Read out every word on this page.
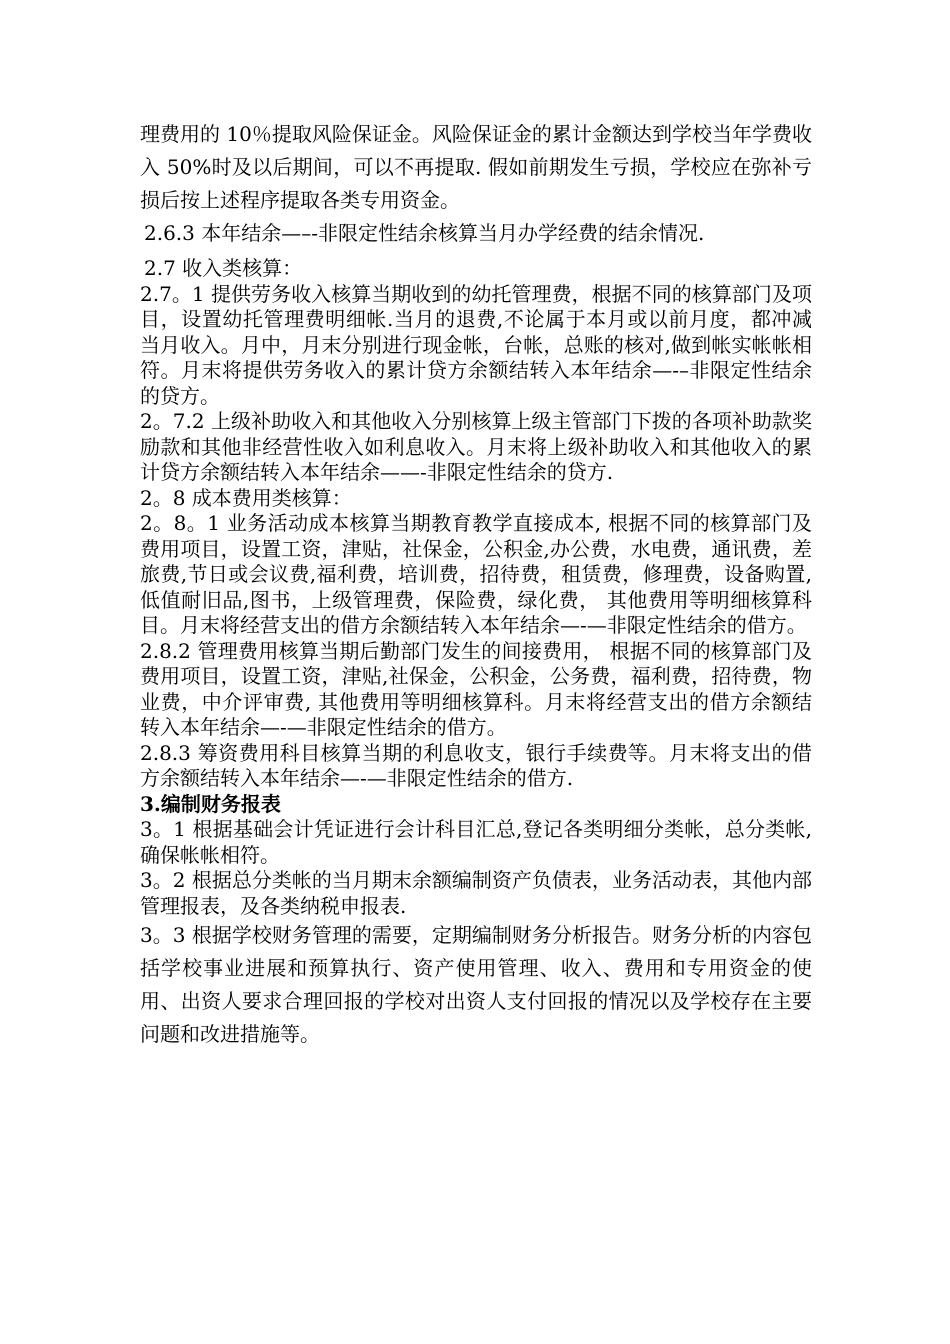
理费用的 10％提取风险保证金。风险保证金的累计金额达到学校当年学费收入 50%时及以后期间，可以不再提取. 假如前期发生亏损，学校应在弥补亏损后按上述程序提取各类专用资金。

2.6.3 本年结余—–-非限定性结余核算当月办学经费的结余情况.

2.7 收入类核算：

2.7。1 提供劳务收入核算当期收到的幼托管理费，根据不同的核算部门及项目，设置幼托管理费明细帐.当月的退费,不论属于本月或以前月度，都冲减当月收入。月中，月末分别进行现金帐，台帐，总账的核对,做到帐实帐帐相符。月末将提供劳务收入的累计贷方余额结转入本年结余—-–非限定性结余的贷方。

2。7.2 上级补助收入和其他收入分别核算上级主管部门下拨的各项补助款奖励款和其他非经营性收入如利息收入。月末将上级补助收入和其他收入的累计贷方余额结转入本年结余——-非限定性结余的贷方.

2。8 成本费用类核算：

2。8。1 业务活动成本核算当期教育教学直接成本, 根据不同的核算部门及费用项目，设置工资，津贴，社保金，公积金,办公费，水电费，通讯费，差旅费,节日或会议费,福利费，培训费，招待费，租赁费，修理费，设备购置,低值耐旧品,图书，上级管理费，保险费，绿化费， 其他费用等明细核算科目。月末将经营支出的借方余额结转入本年结余—-—非限定性结余的借方。

2.8.2 管理费用核算当期后勤部门发生的间接费用， 根据不同的核算部门及费用项目，设置工资，津贴,社保金，公积金，公务费，福利费，招待费，物业费，中介评审费, 其他费用等明细核算科。月末将经营支出的借方余额结转入本年结余—-—非限定性结余的借方。

2.8.3 筹资费用科目核算当期的利息收支，银行手续费等。月末将支出的借方余额结转入本年结余—-—非限定性结余的借方.

3.编制财务报表

3。1 根据基础会计凭证进行会计科目汇总,登记各类明细分类帐，总分类帐,确保帐帐相符。

3。2 根据总分类帐的当月期末余额编制资产负债表，业务活动表，其他内部管理报表，及各类纳税申报表.

3。3 根据学校财务管理的需要，定期编制财务分析报告。财务分析的内容包括学校事业进展和预算执行、资产使用管理、收入、费用和专用资金的使用、出资人要求合理回报的学校对出资人支付回报的情况以及学校存在主要问题和改进措施等。
